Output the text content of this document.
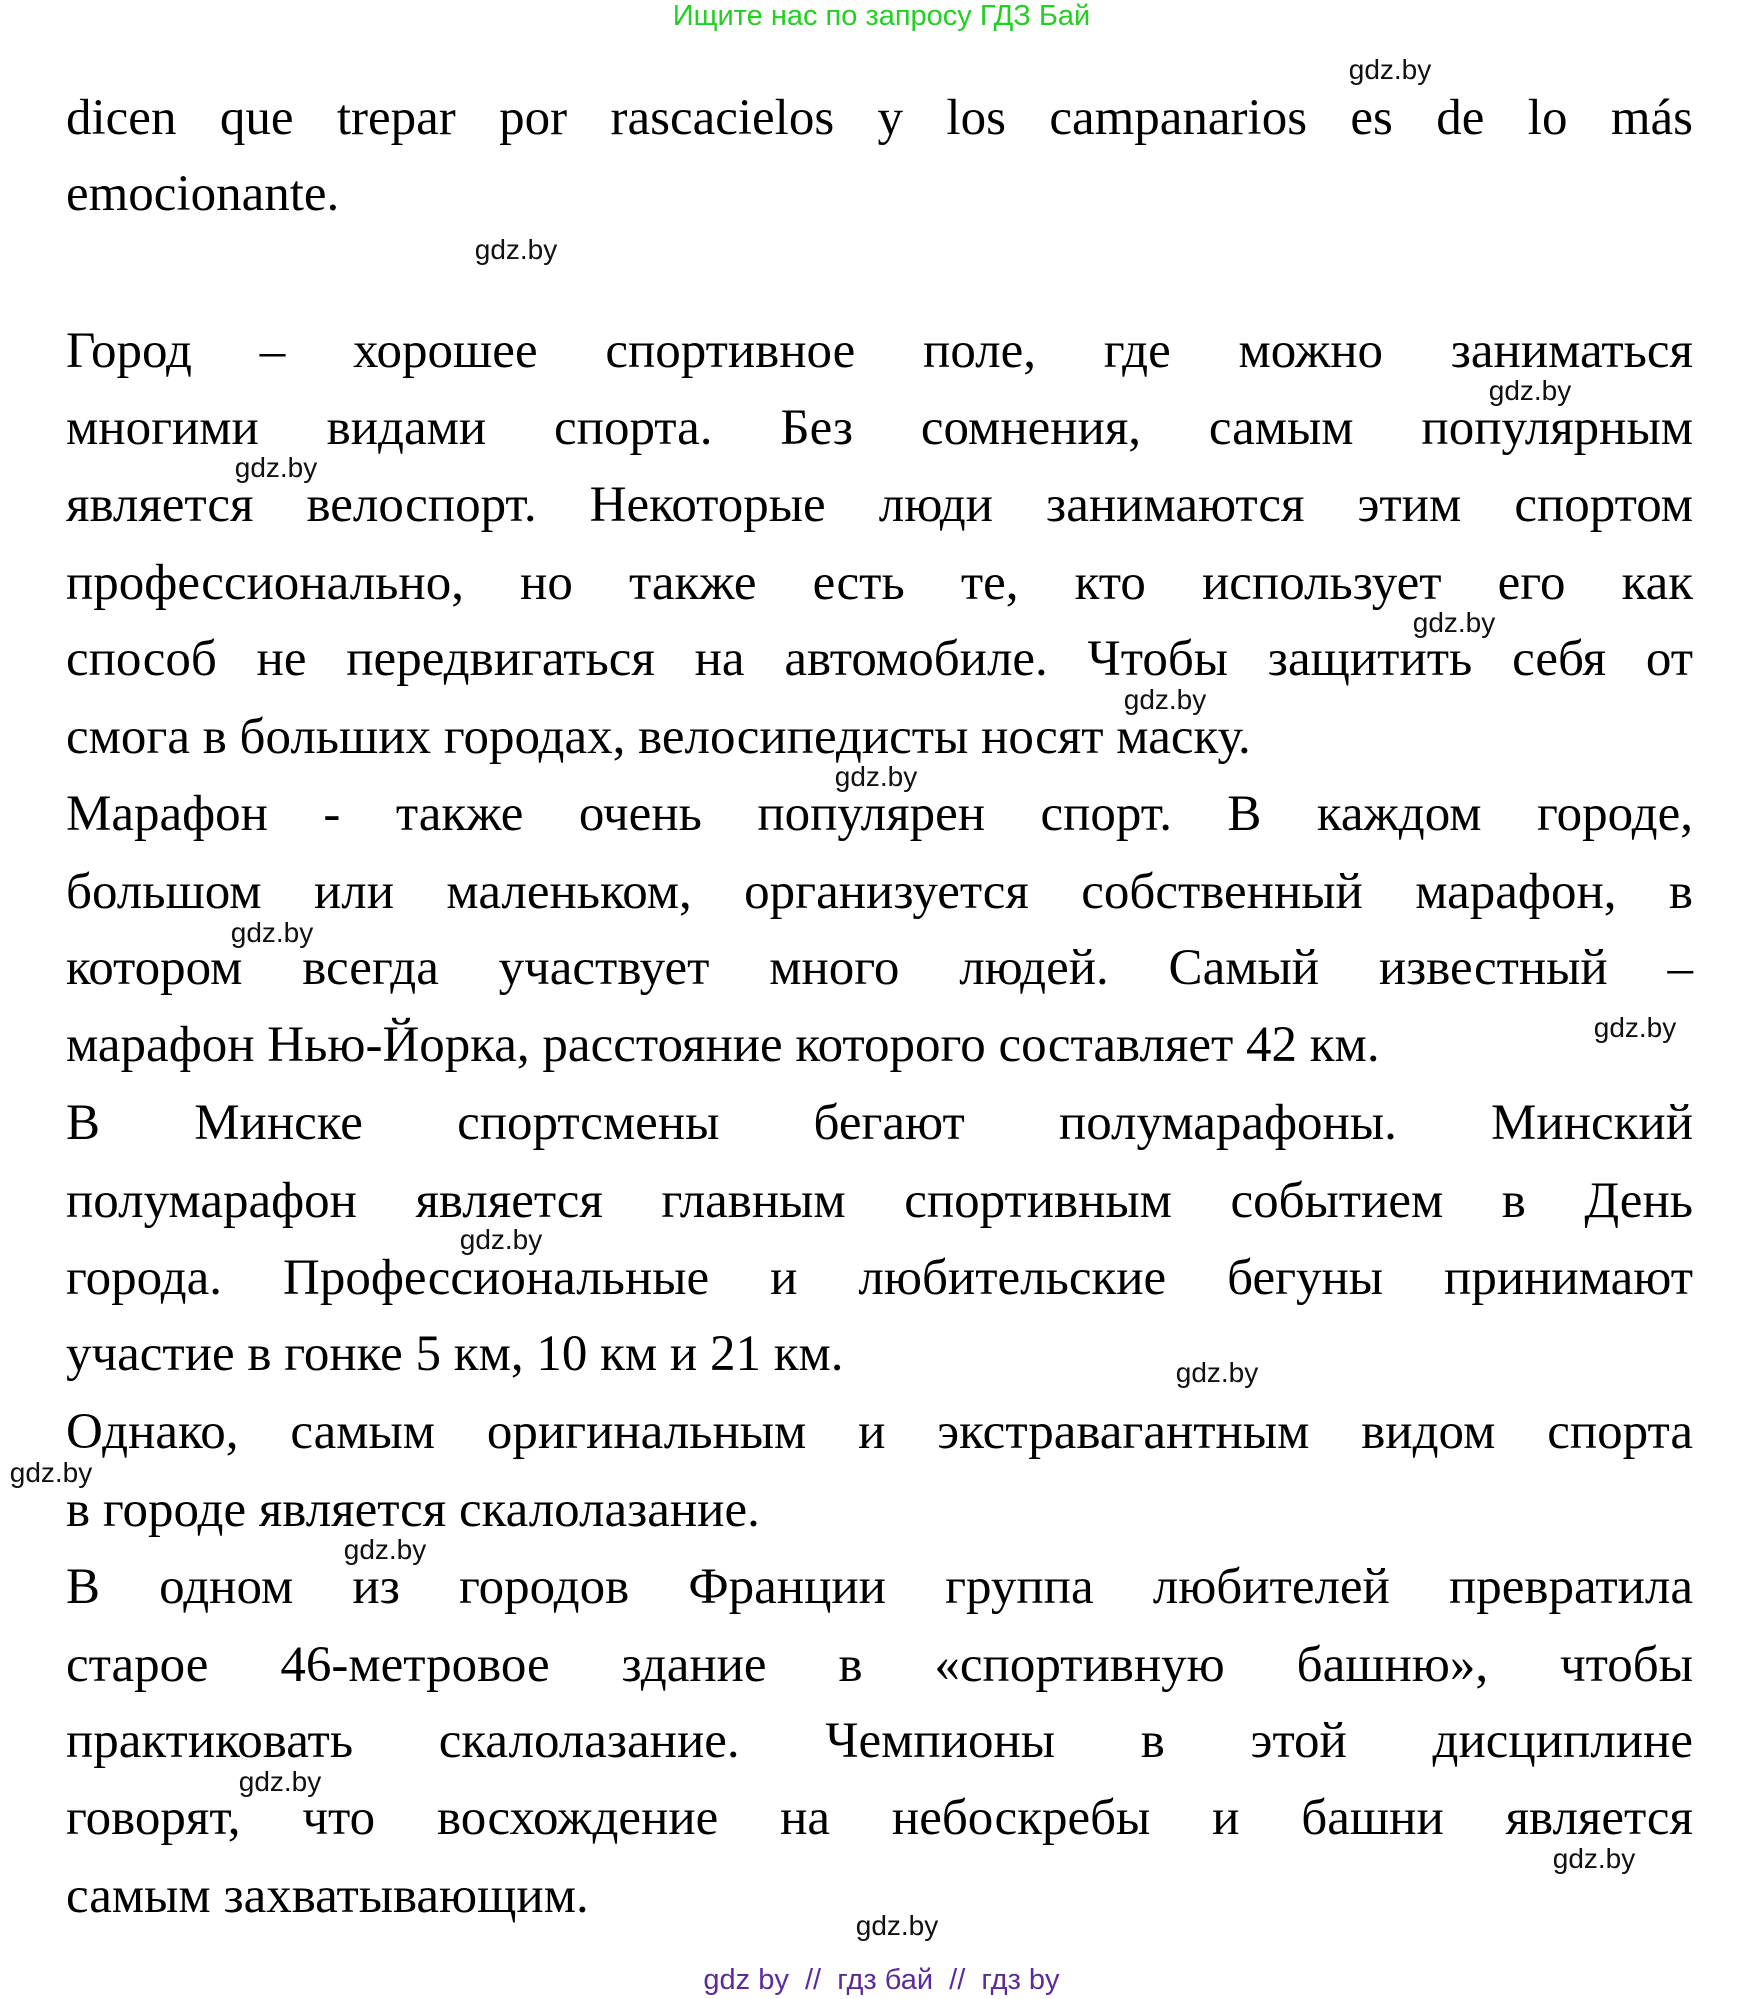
Ищите нас по запросу ГДЗ Бай
dicen que trepar por rascacielos y los campanarios es de lo más
emocionante.
Город – хорошее спортивное поле, где можно заниматься
многими видами спорта. Без сомнения, самым популярным
является велоспорт. Некоторые люди занимаются этим спортом
профессионально, но также есть те, кто использует его как
способ не передвигаться на автомобиле. Чтобы защитить себя от
смога в больших городах, велосипедисты носят маску.
Марафон - также очень популярен спорт. В каждом городе,
большом или маленьком, организуется собственный марафон, в
котором всегда участвует много людей. Самый известный –
марафон Нью-Йорка, расстояние которого составляет 42 км.
В Минске спортсмены бегают полумарафоны. Минский
полумарафон является главным спортивным событием в День
города. Профессиональные и любительские бегуны принимают
участие в гонке 5 км, 10 км и 21 км.
Однако, самым оригинальным и экстравагантным видом спорта
в городе является скалолазание.
В одном из городов Франции группа любителей превратила
старое 46-метровое здание в «спортивную башню», чтобы
практиковать скалолазание. Чемпионы в этой дисциплине
говорят, что восхождение на небоскребы и башни является
самым захватывающим.
gdz.by
gdz.by
gdz.by
gdz.by
gdz.by
gdz.by
gdz.by
gdz.by
gdz.by
gdz.by
gdz.by
gdz.by
gdz.by
gdz.by
gdz.by
gdz.by
gdz by  //  гдз бай  //  гдз by
